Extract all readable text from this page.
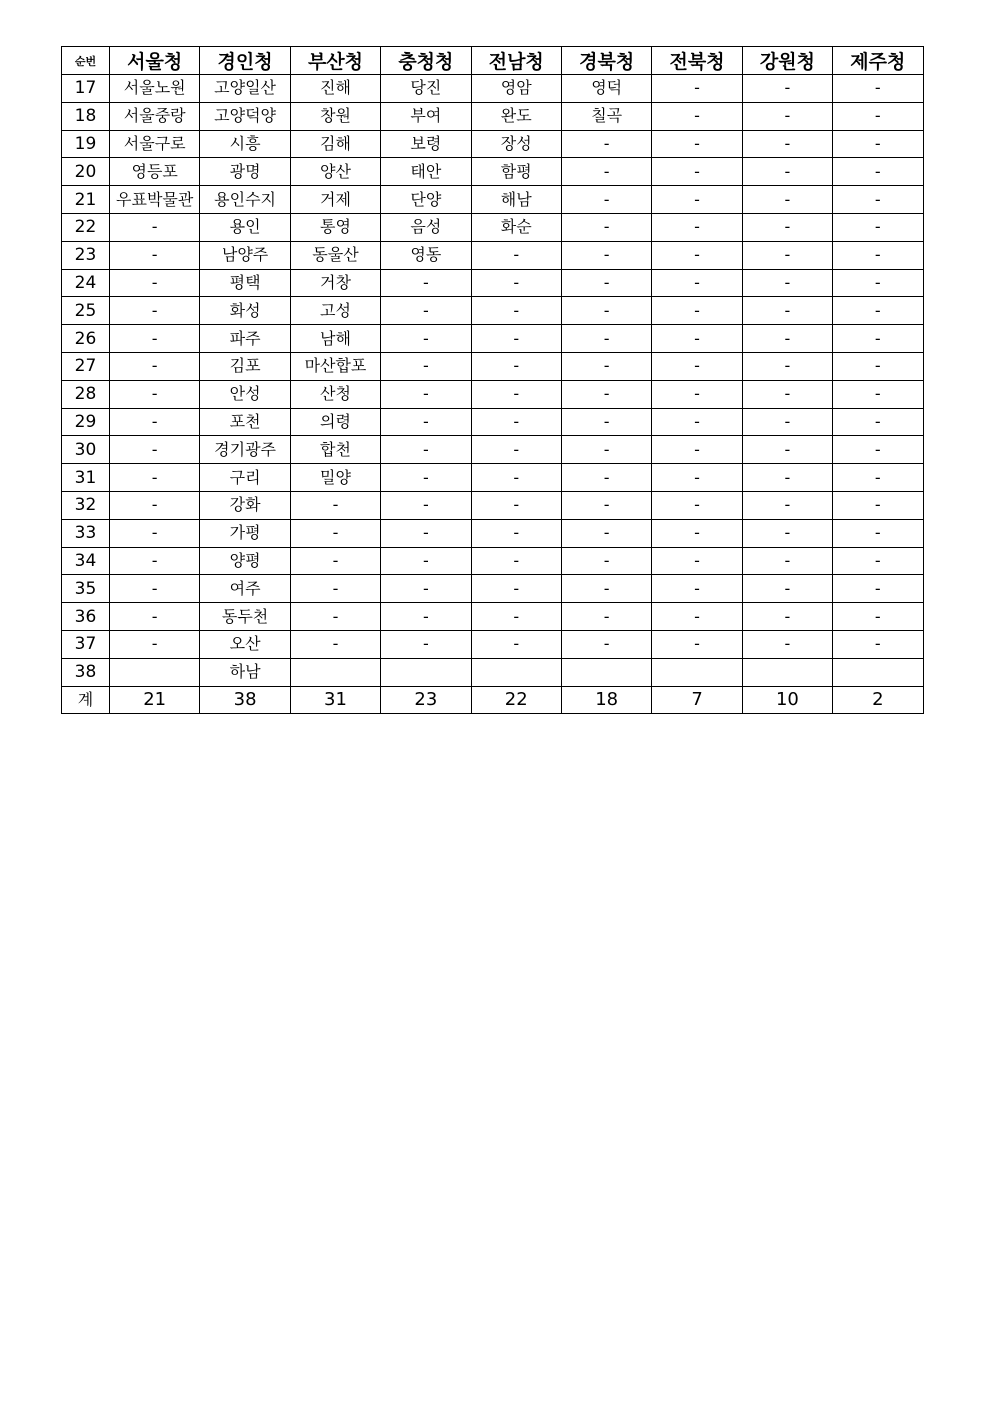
순번	서울청	경인청	부산청	충청청	전남청	경북청	전북청	강원청	제주청
17	서울노원	고양일산	진해	당진	영암	영덕	-	-	-
18	서울중랑	고양덕양	창원	부여	완도	칠곡	-	-	-
19	서울구로	시흥	김해	보령	장성	-	-	-	-
20	영등포	광명	양산	태안	함평	-	-	-	-
21	우표박물관	용인수지	거제	단양	해남	-	-	-	-
22	-	용인	통영	음성	화순	-	-	-	-
23	-	남양주	동울산	영동	-	-	-	-	-
24	-	평택	거창	-	-	-	-	-	-
25	-	화성	고성	-	-	-	-	-	-
26	-	파주	남해	-	-	-	-	-	-
27	-	김포	마산합포	-	-	-	-	-	-
28	-	안성	산청	-	-	-	-	-	-
29	-	포천	의령	-	-	-	-	-	-
30	-	경기광주	합천	-	-	-	-	-	-
31	-	구리	밀양	-	-	-	-	-	-
32	-	강화	-	-	-	-	-	-	-
33	-	가평	-	-	-	-	-	-	-
34	-	양평	-	-	-	-	-	-	-
35	-	여주	-	-	-	-	-	-	-
36	-	동두천	-	-	-	-	-	-	-
37	-	오산	-	-	-	-	-	-	-
38		하남							
계	21	38	31	23	22	18	7	10	2
